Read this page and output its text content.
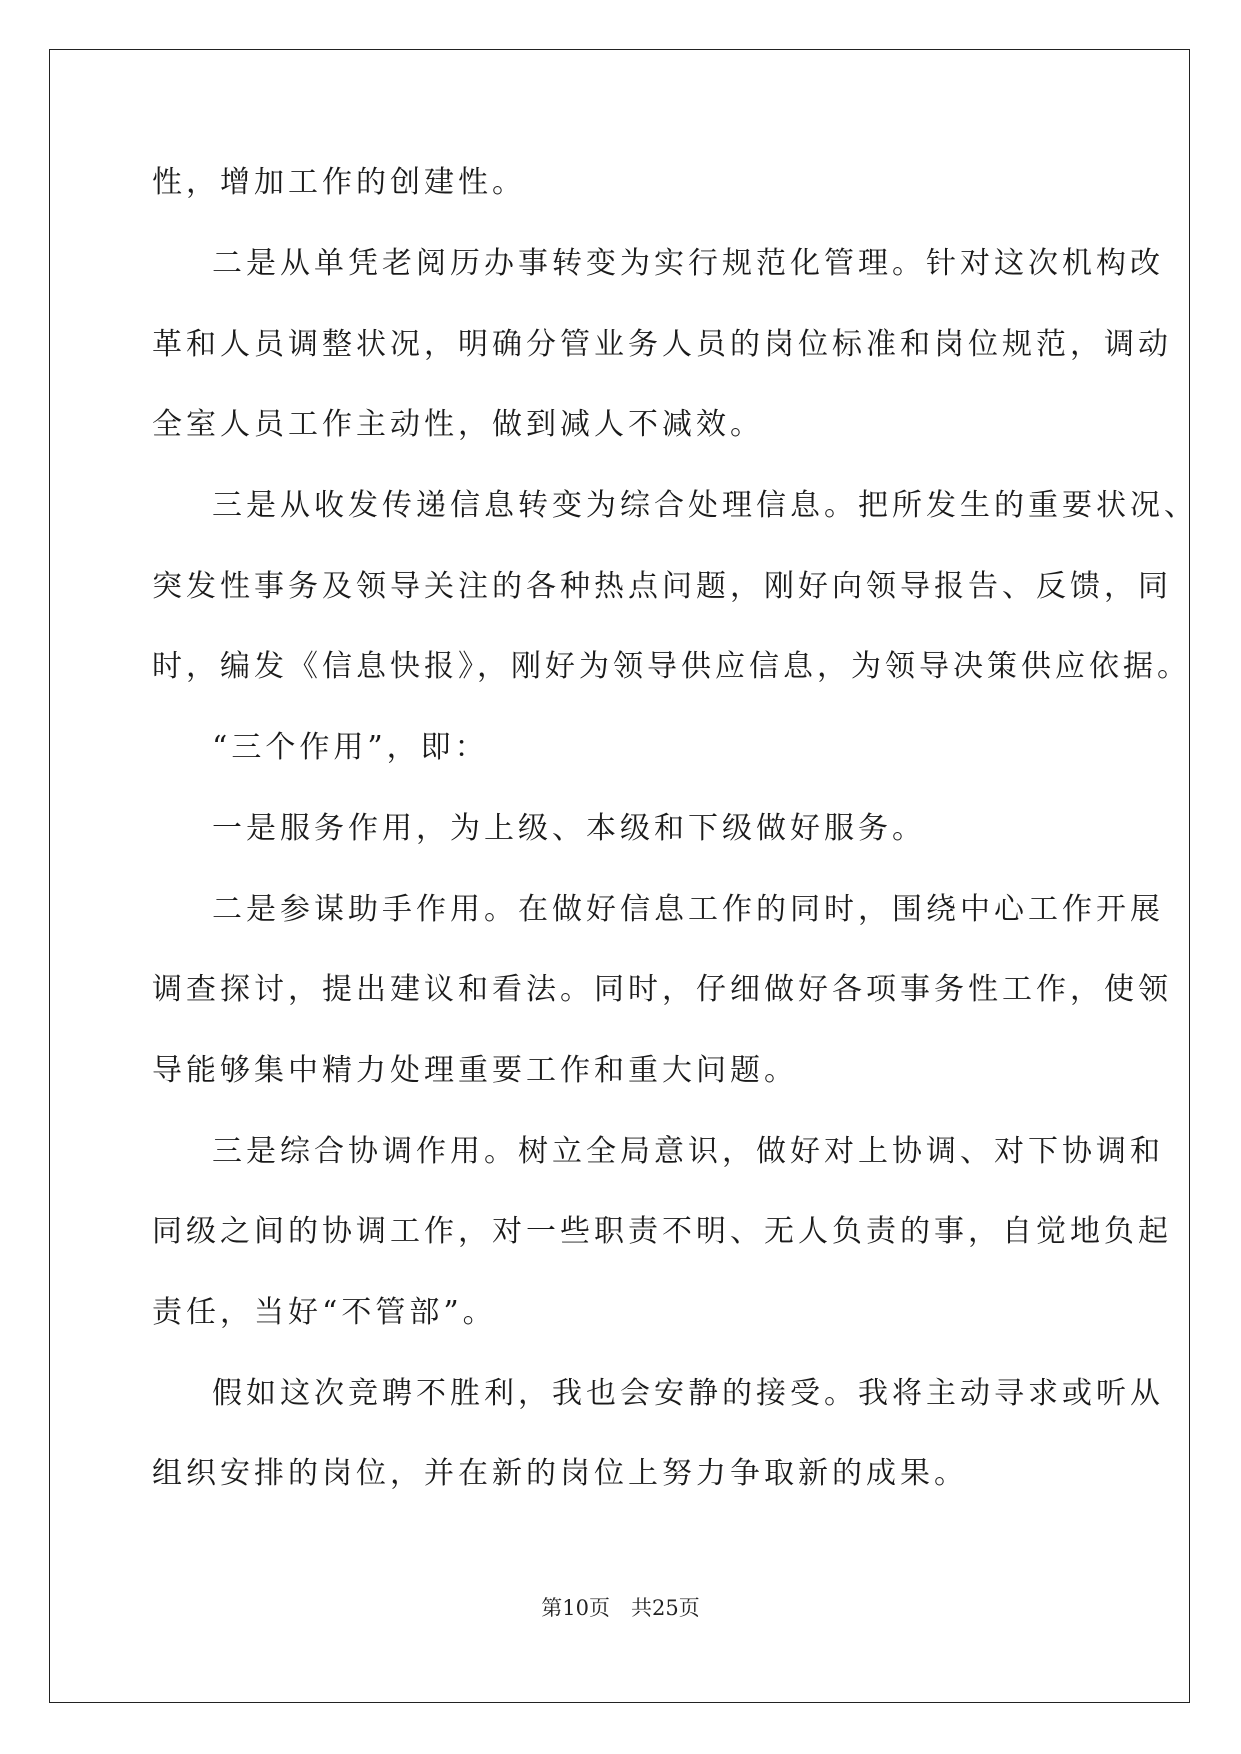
性，增加工作的创建性。
二是从单凭老阅历办事转变为实行规范化管理。针对这次机构改
革和人员调整状况，明确分管业务人员的岗位标准和岗位规范，调动
全室人员工作主动性，做到减人不减效。
三是从收发传递信息转变为综合处理信息。把所发生的重要状况、
突发性事务及领导关注的各种热点问题，刚好向领导报告、反馈，同
时，编发《信息快报》，刚好为领导供应信息，为领导决策供应依据。
“三个作用”，即：
一是服务作用，为上级、本级和下级做好服务。
二是参谋助手作用。在做好信息工作的同时，围绕中心工作开展
调查探讨，提出建议和看法。同时，仔细做好各项事务性工作，使领
导能够集中精力处理重要工作和重大问题。
三是综合协调作用。树立全局意识，做好对上协调、对下协调和
同级之间的协调工作，对一些职责不明、无人负责的事，自觉地负起
责任，当好“不管部”。
假如这次竞聘不胜利，我也会安静的接受。我将主动寻求或听从
组织安排的岗位，并在新的岗位上努力争取新的成果。
第10页　共25页
